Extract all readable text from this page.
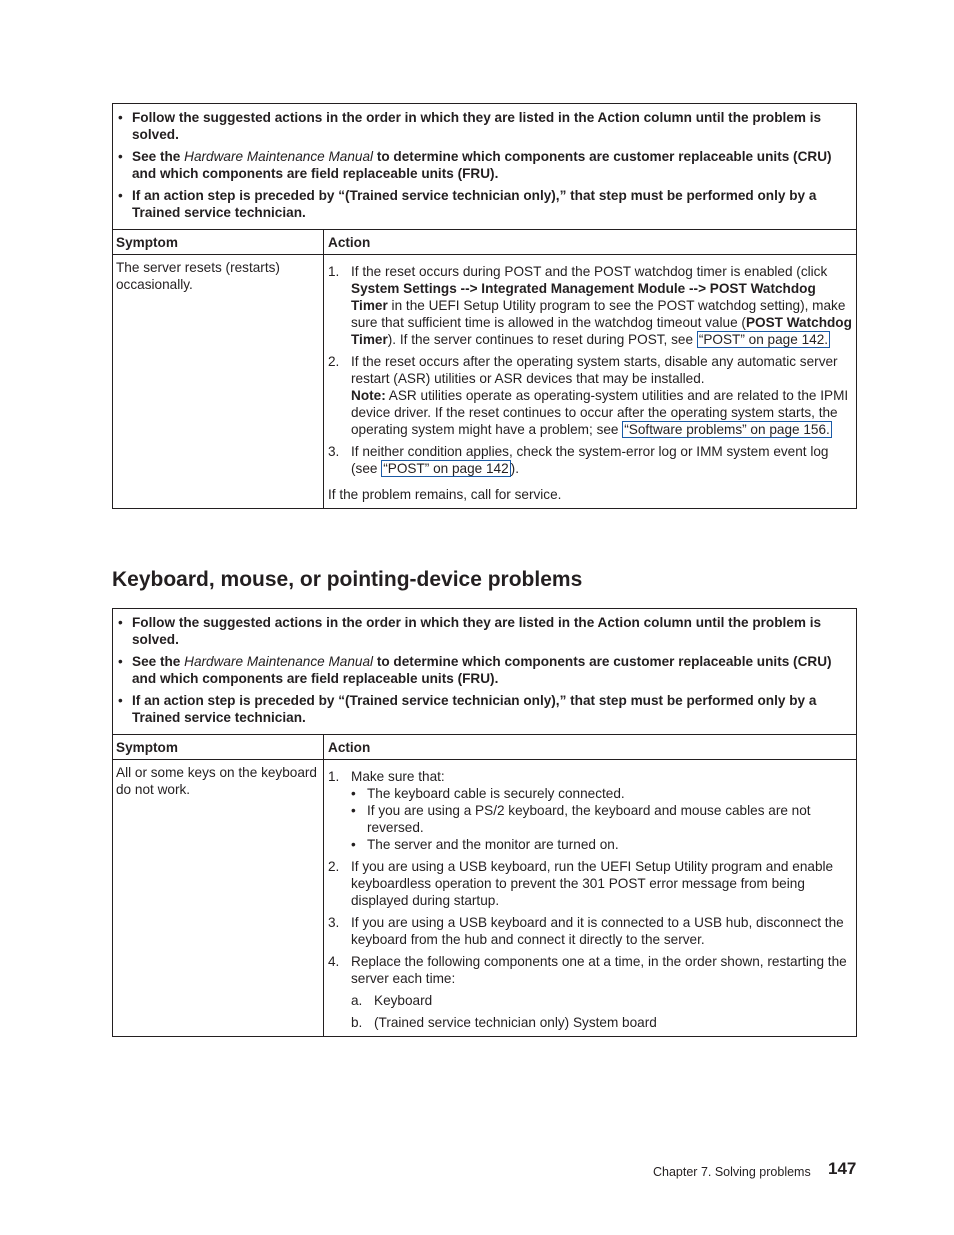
• Follow the suggested actions in the order in which they are listed in the Action column until the problem is solved.
• See the Hardware Maintenance Manual to determine which components are customer replaceable units (CRU) and which components are field replaceable units (FRU).
• If an action step is preceded by “(Trained service technician only),” that step must be performed only by a Trained service technician.
Symptom	Action
The server resets (restarts) occasionally.
1. If the reset occurs during POST and the POST watchdog timer is enabled (click System Settings --> Integrated Management Module --> POST Watchdog Timer in the UEFI Setup Utility program to see the POST watchdog setting), make sure that sufficient time is allowed in the watchdog timeout value (POST Watchdog Timer). If the server continues to reset during POST, see “POST” on page 142.
2. If the reset occurs after the operating system starts, disable any automatic server restart (ASR) utilities or ASR devices that may be installed.
Note: ASR utilities operate as operating-system utilities and are related to the IPMI device driver. If the reset continues to occur after the operating system starts, the operating system might have a problem; see “Software problems” on page 156.
3. If neither condition applies, check the system-error log or IMM system event log (see “POST” on page 142 ).
If the problem remains, call for service.
Keyboard, mouse, or pointing-device problems
• Follow the suggested actions in the order in which they are listed in the Action column until the problem is solved.
• See the Hardware Maintenance Manual to determine which components are customer replaceable units (CRU) and which components are field replaceable units (FRU).
• If an action step is preceded by “(Trained service technician only),” that step must be performed only by a Trained service technician.
Symptom	Action
All or some keys on the keyboard do not work.
1. Make sure that:
• The keyboard cable is securely connected.
• If you are using a PS/2 keyboard, the keyboard and mouse cables are not reversed.
• The server and the monitor are turned on.
2. If you are using a USB keyboard, run the UEFI Setup Utility program and enable keyboardless operation to prevent the 301 POST error message from being displayed during startup.
3. If you are using a USB keyboard and it is connected to a USB hub, disconnect the keyboard from the hub and connect it directly to the server.
4. Replace the following components one at a time, in the order shown, restarting the server each time:
a. Keyboard
b. (Trained service technician only) System board
Chapter 7. Solving problems 147
